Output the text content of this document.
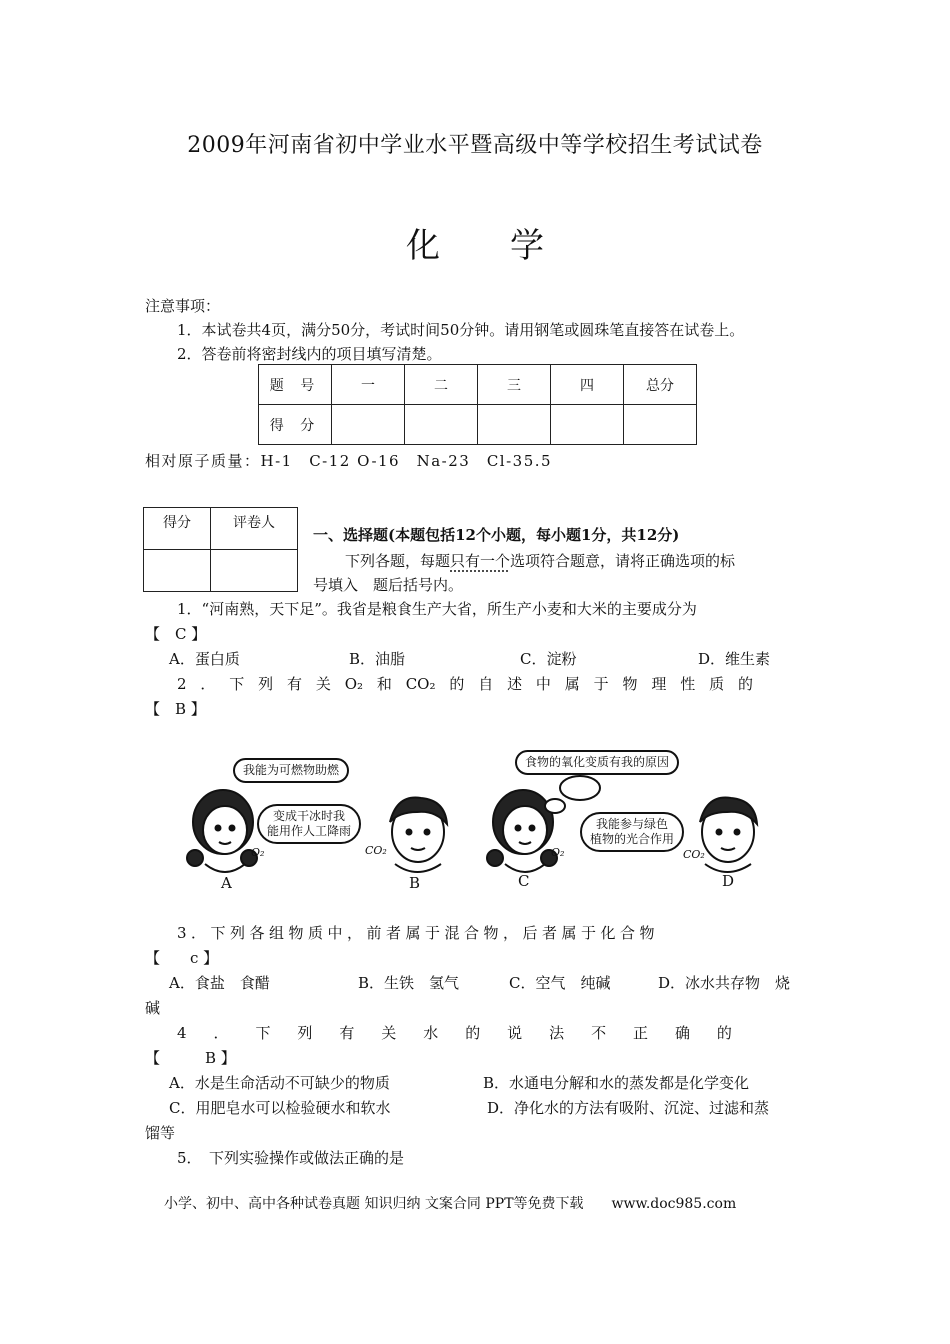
2009年河南省初中学业水平暨高级中等学校招生考试试卷
化学
注意事项：
1．本试卷共4页，满分50分，考试时间50分钟。请用钢笔或圆珠笔直接答在试卷上。
2．答卷前将密封线内的项目填写清楚。
题 号	一	二	三	四	总分
得 分					
相对原子质量：H-1　C-12 O-16　Na-23　Cl-35.5
得分	评卷人

一、选择题(本题包括12个小题，每小题1分，共12分)
下列各题，每题只有一个选项符合题意，请将正确选项的标
号填入　题后括号内。
1．“河南熟，天下足”。我省是粮食生产大省，所生产小麦和大米的主要成分为
【　C 】
A．蛋白质	B．油脂	C．淀粉	D．维生素
2 ． 下 列 有 关 O₂ 和 CO₂ 的 自 述 中 属 于 物 理 性 质 的
【　B 】
我能为可燃物助燃
变成干冰时我
能用作人工降雨
食物的氧化变质有我的原因
我能参与绿色
植物的光合作用
O₂	CO₂	O₂	CO₂
A	B	C	D
3．下列各组物质中，前者属于混合物，后者属于化合物
【　　c 】
A．食盐　食醋	B．生铁　氢气	C．空气　纯碱	D．冰水共存物　烧
碱
4 ． 下 列 有 关 水 的 说 法 不 正 确 的
【　　　B 】
A．水是生命活动不可缺少的物质	B．水通电分解和水的蒸发都是化学变化
C．用肥皂水可以检验硬水和软水	D．净化水的方法有吸附、沉淀、过滤和蒸
馏等
5．　下列实验操作或做法正确的是
小学、初中、高中各种试卷真题 知识归纳 文案合同 PPT等免费下载　　www.doc985.com
